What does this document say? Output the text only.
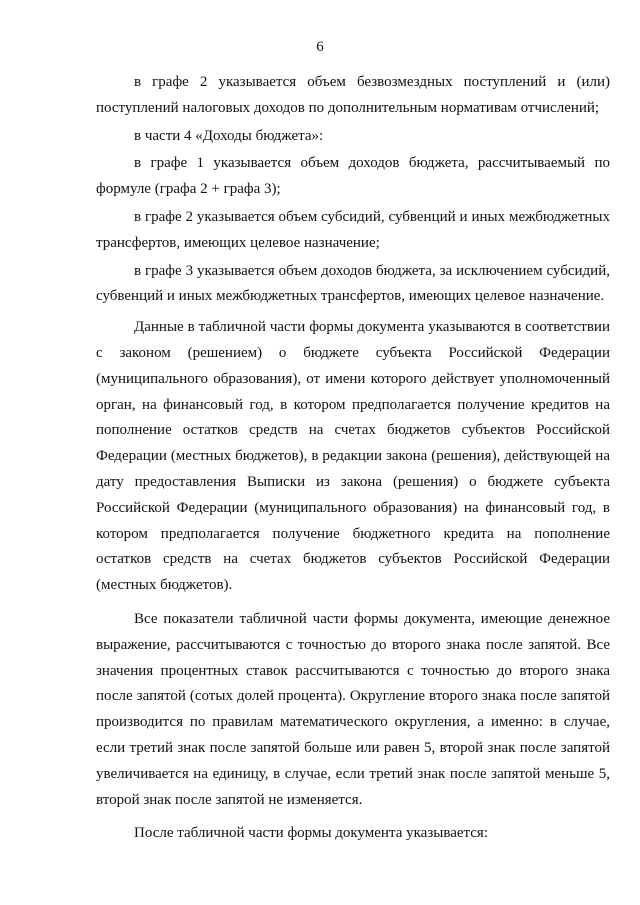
6

в графе 2 указывается объем безвозмездных поступлений и (или) поступлений налоговых доходов по дополнительным нормативам отчислений;

в части 4 «Доходы бюджета»:

в графе 1 указывается объем доходов бюджета, рассчитываемый по формуле (графа 2 + графа 3);

в графе 2 указывается объем субсидий, субвенций и иных межбюджетных трансфертов, имеющих целевое назначение;

в графе 3 указывается объем доходов бюджета, за исключением субсидий, субвенций и иных межбюджетных трансфертов, имеющих целевое назначение.

Данные в табличной части формы документа указываются в соответствии с законом (решением) о бюджете субъекта Российской Федерации (муниципального образования), от имени которого действует уполномоченный орган, на финансовый год, в котором предполагается получение кредитов на пополнение остатков средств на счетах бюджетов субъектов Российской Федерации (местных бюджетов), в редакции закона (решения), действующей на дату предоставления Выписки из закона (решения) о бюджете субъекта Российской Федерации (муниципального образования) на финансовый год, в котором предполагается получение бюджетного кредита на пополнение остатков средств на счетах бюджетов субъектов Российской Федерации (местных бюджетов).

Все показатели табличной части формы документа, имеющие денежное выражение, рассчитываются с точностью до второго знака после запятой. Все значения процентных ставок рассчитываются с точностью до второго знака после запятой (сотых долей процента). Округление второго знака после запятой производится по правилам математического округления, а именно: в случае, если третий знак после запятой больше или равен 5, второй знак после запятой увеличивается на единицу, в случае, если третий знак после запятой меньше 5, второй знак после запятой не изменяется.

После табличной части формы документа указывается:
